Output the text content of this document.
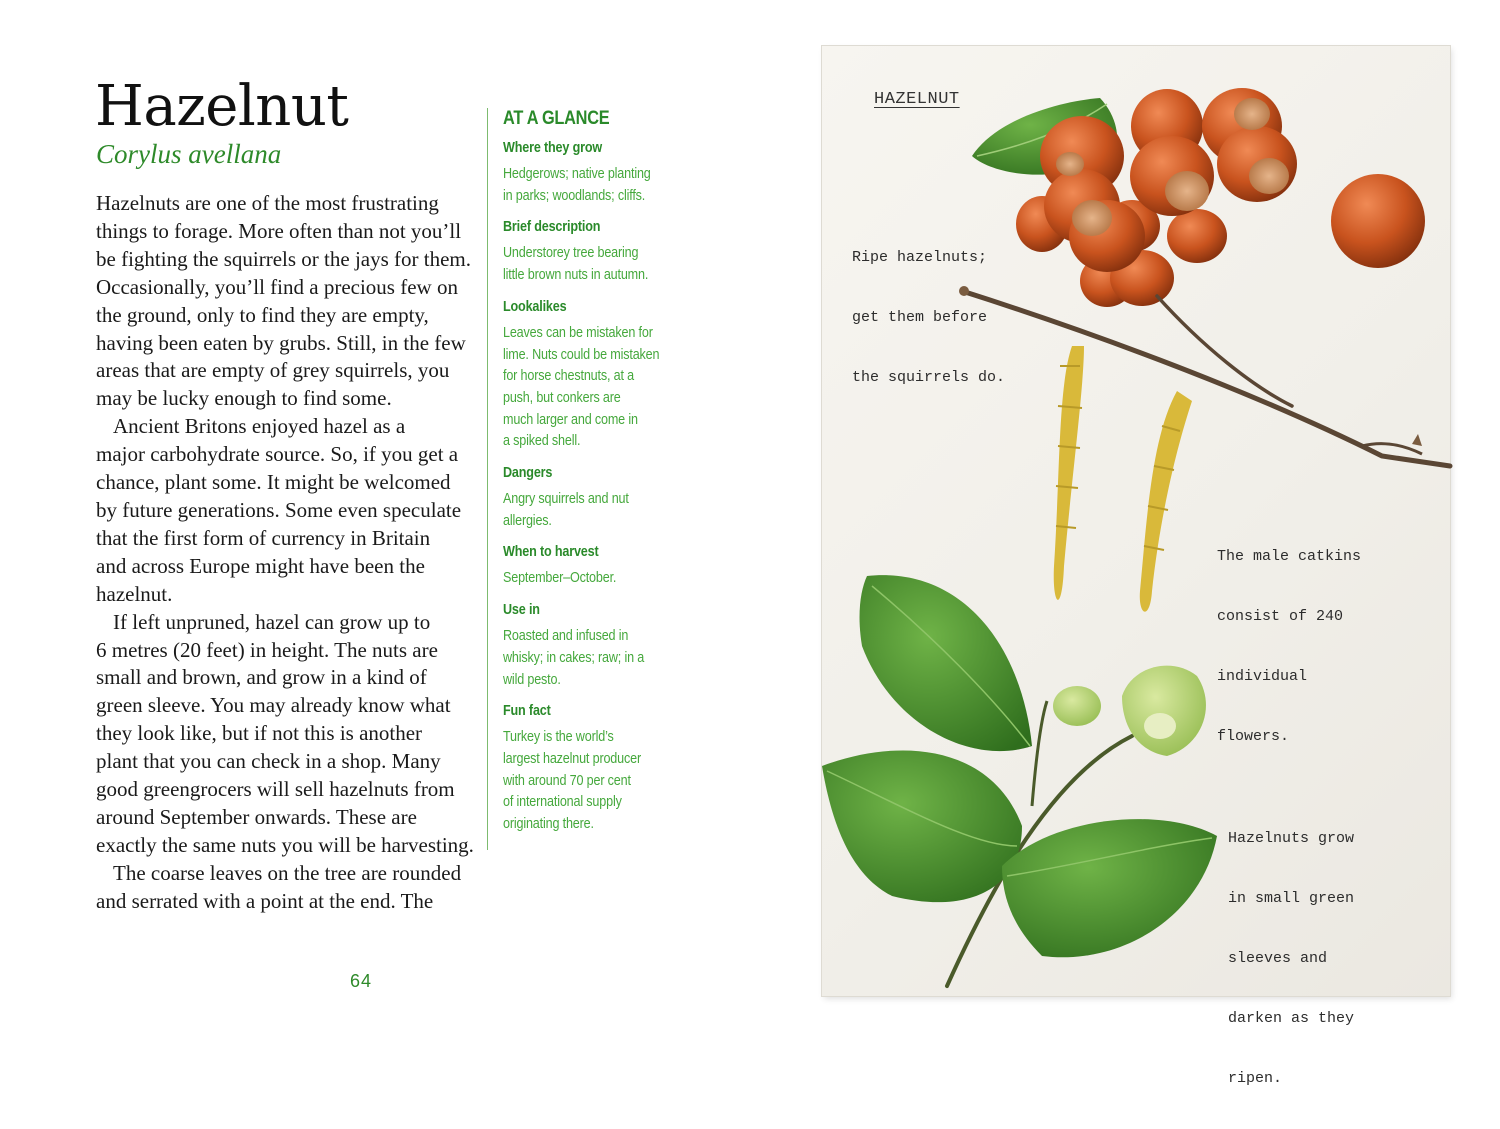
Hazelnut

Corylus avellana

Hazelnuts are one of the most frustrating
things to forage. More often than not you’ll
be fighting the squirrels or the jays for them.
Occasionally, you’ll find a precious few on
the ground, only to find they are empty,
having been eaten by grubs. Still, in the few
areas that are empty of grey squirrels, you
may be lucky enough to find some.
Ancient Britons enjoyed hazel as a
major carbohydrate source. So, if you get a
chance, plant some. It might be welcomed
by future generations. Some even speculate
that the first form of currency in Britain
and across Europe might have been the
hazelnut.
If left unpruned, hazel can grow up to
6 metres (20 feet) in height. The nuts are
small and brown, and grow in a kind of
green sleeve. You may already know what
they look like, but if not this is another
plant that you can check in a shop. Many
good greengrocers will sell hazelnuts from
around September onwards. These are
exactly the same nuts you will be harvesting.
The coarse leaves on the tree are rounded
and serrated with a point at the end. The
64
AT A GLANCE

Where they grow

Hedgerows; native planting
in parks; woodlands; cliffs.

Brief description

Understorey tree bearing
little brown nuts in autumn.

Lookalikes

Leaves can be mistaken for
lime. Nuts could be mistaken
for horse chestnuts, at a
push, but conkers are
much larger and come in
a spiked shell.

Dangers

Angry squirrels and nut
allergies.

When to harvest

September–October.

Use in

Roasted and infused in
whisky; in cakes; raw; in a
wild pesto.

Fun fact

Turkey is the world’s
largest hazelnut producer
with around 70 per cent
of international supply
originating there.

HAZELNUT

Ripe hazelnuts;

get them before

the squirrels do.

The male catkins

consist of 240

individual

flowers.

Hazelnuts grow

in small green

sleeves and

darken as they

ripen.
